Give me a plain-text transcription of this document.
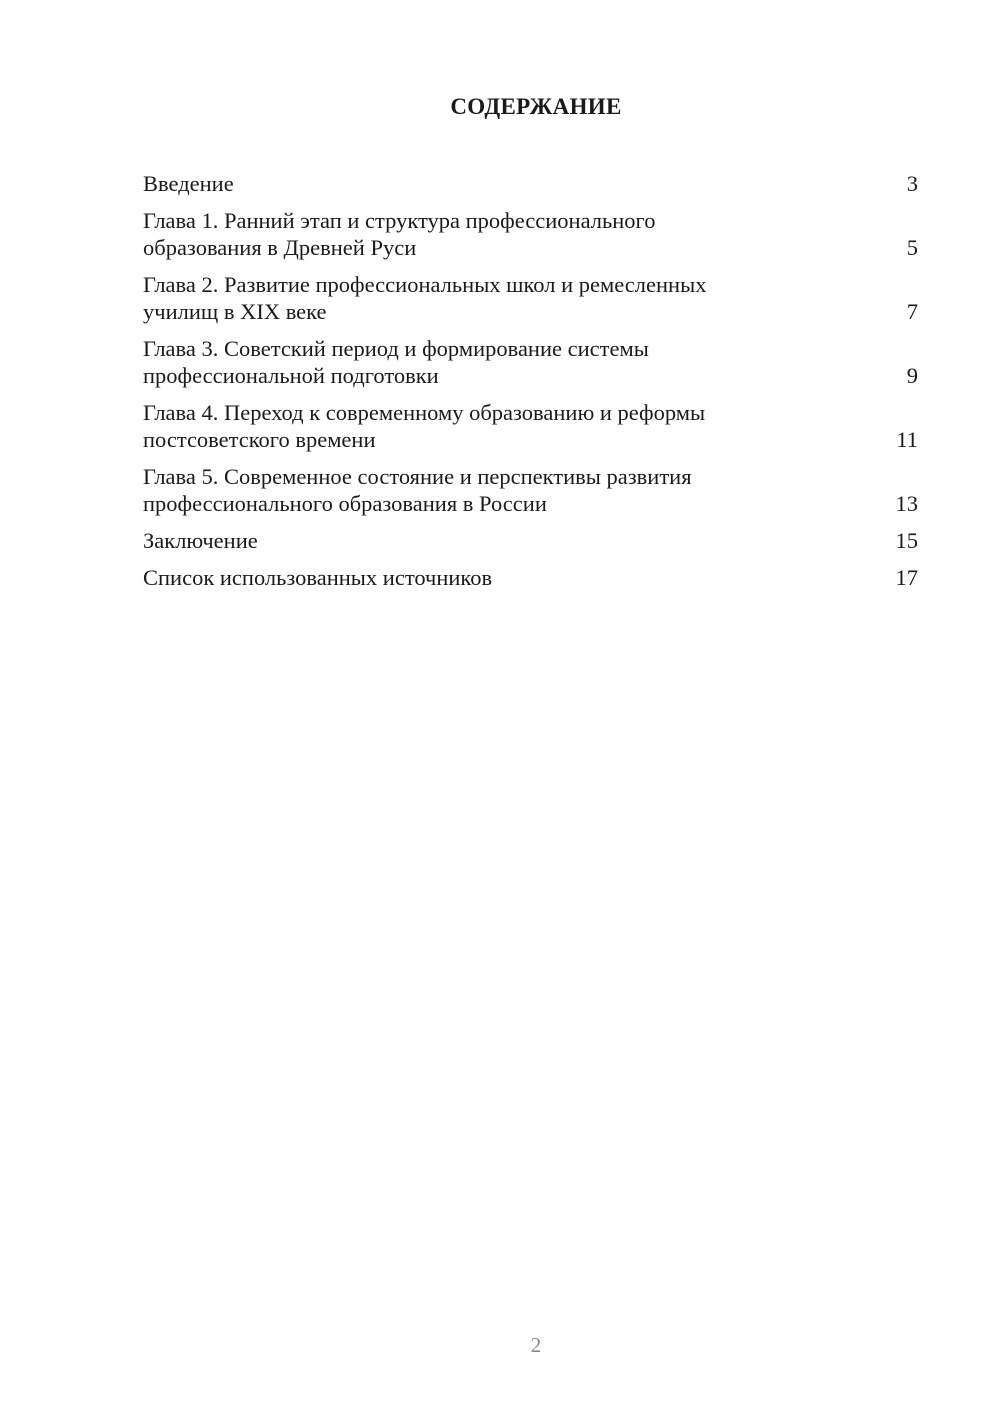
СОДЕРЖАНИЕ
Введение	3
Глава 1. Ранний этап и структура профессионального образования в Древней Руси	5
Глава 2. Развитие профессиональных школ и ремесленных училищ в XIX веке	7
Глава 3. Советский период и формирование системы профессиональной подготовки	9
Глава 4. Переход к современному образованию и реформы постсоветского времени	11
Глава 5. Современное состояние и перспективы развития профессионального образования в России	13
Заключение	15
Список использованных источников	17
2
